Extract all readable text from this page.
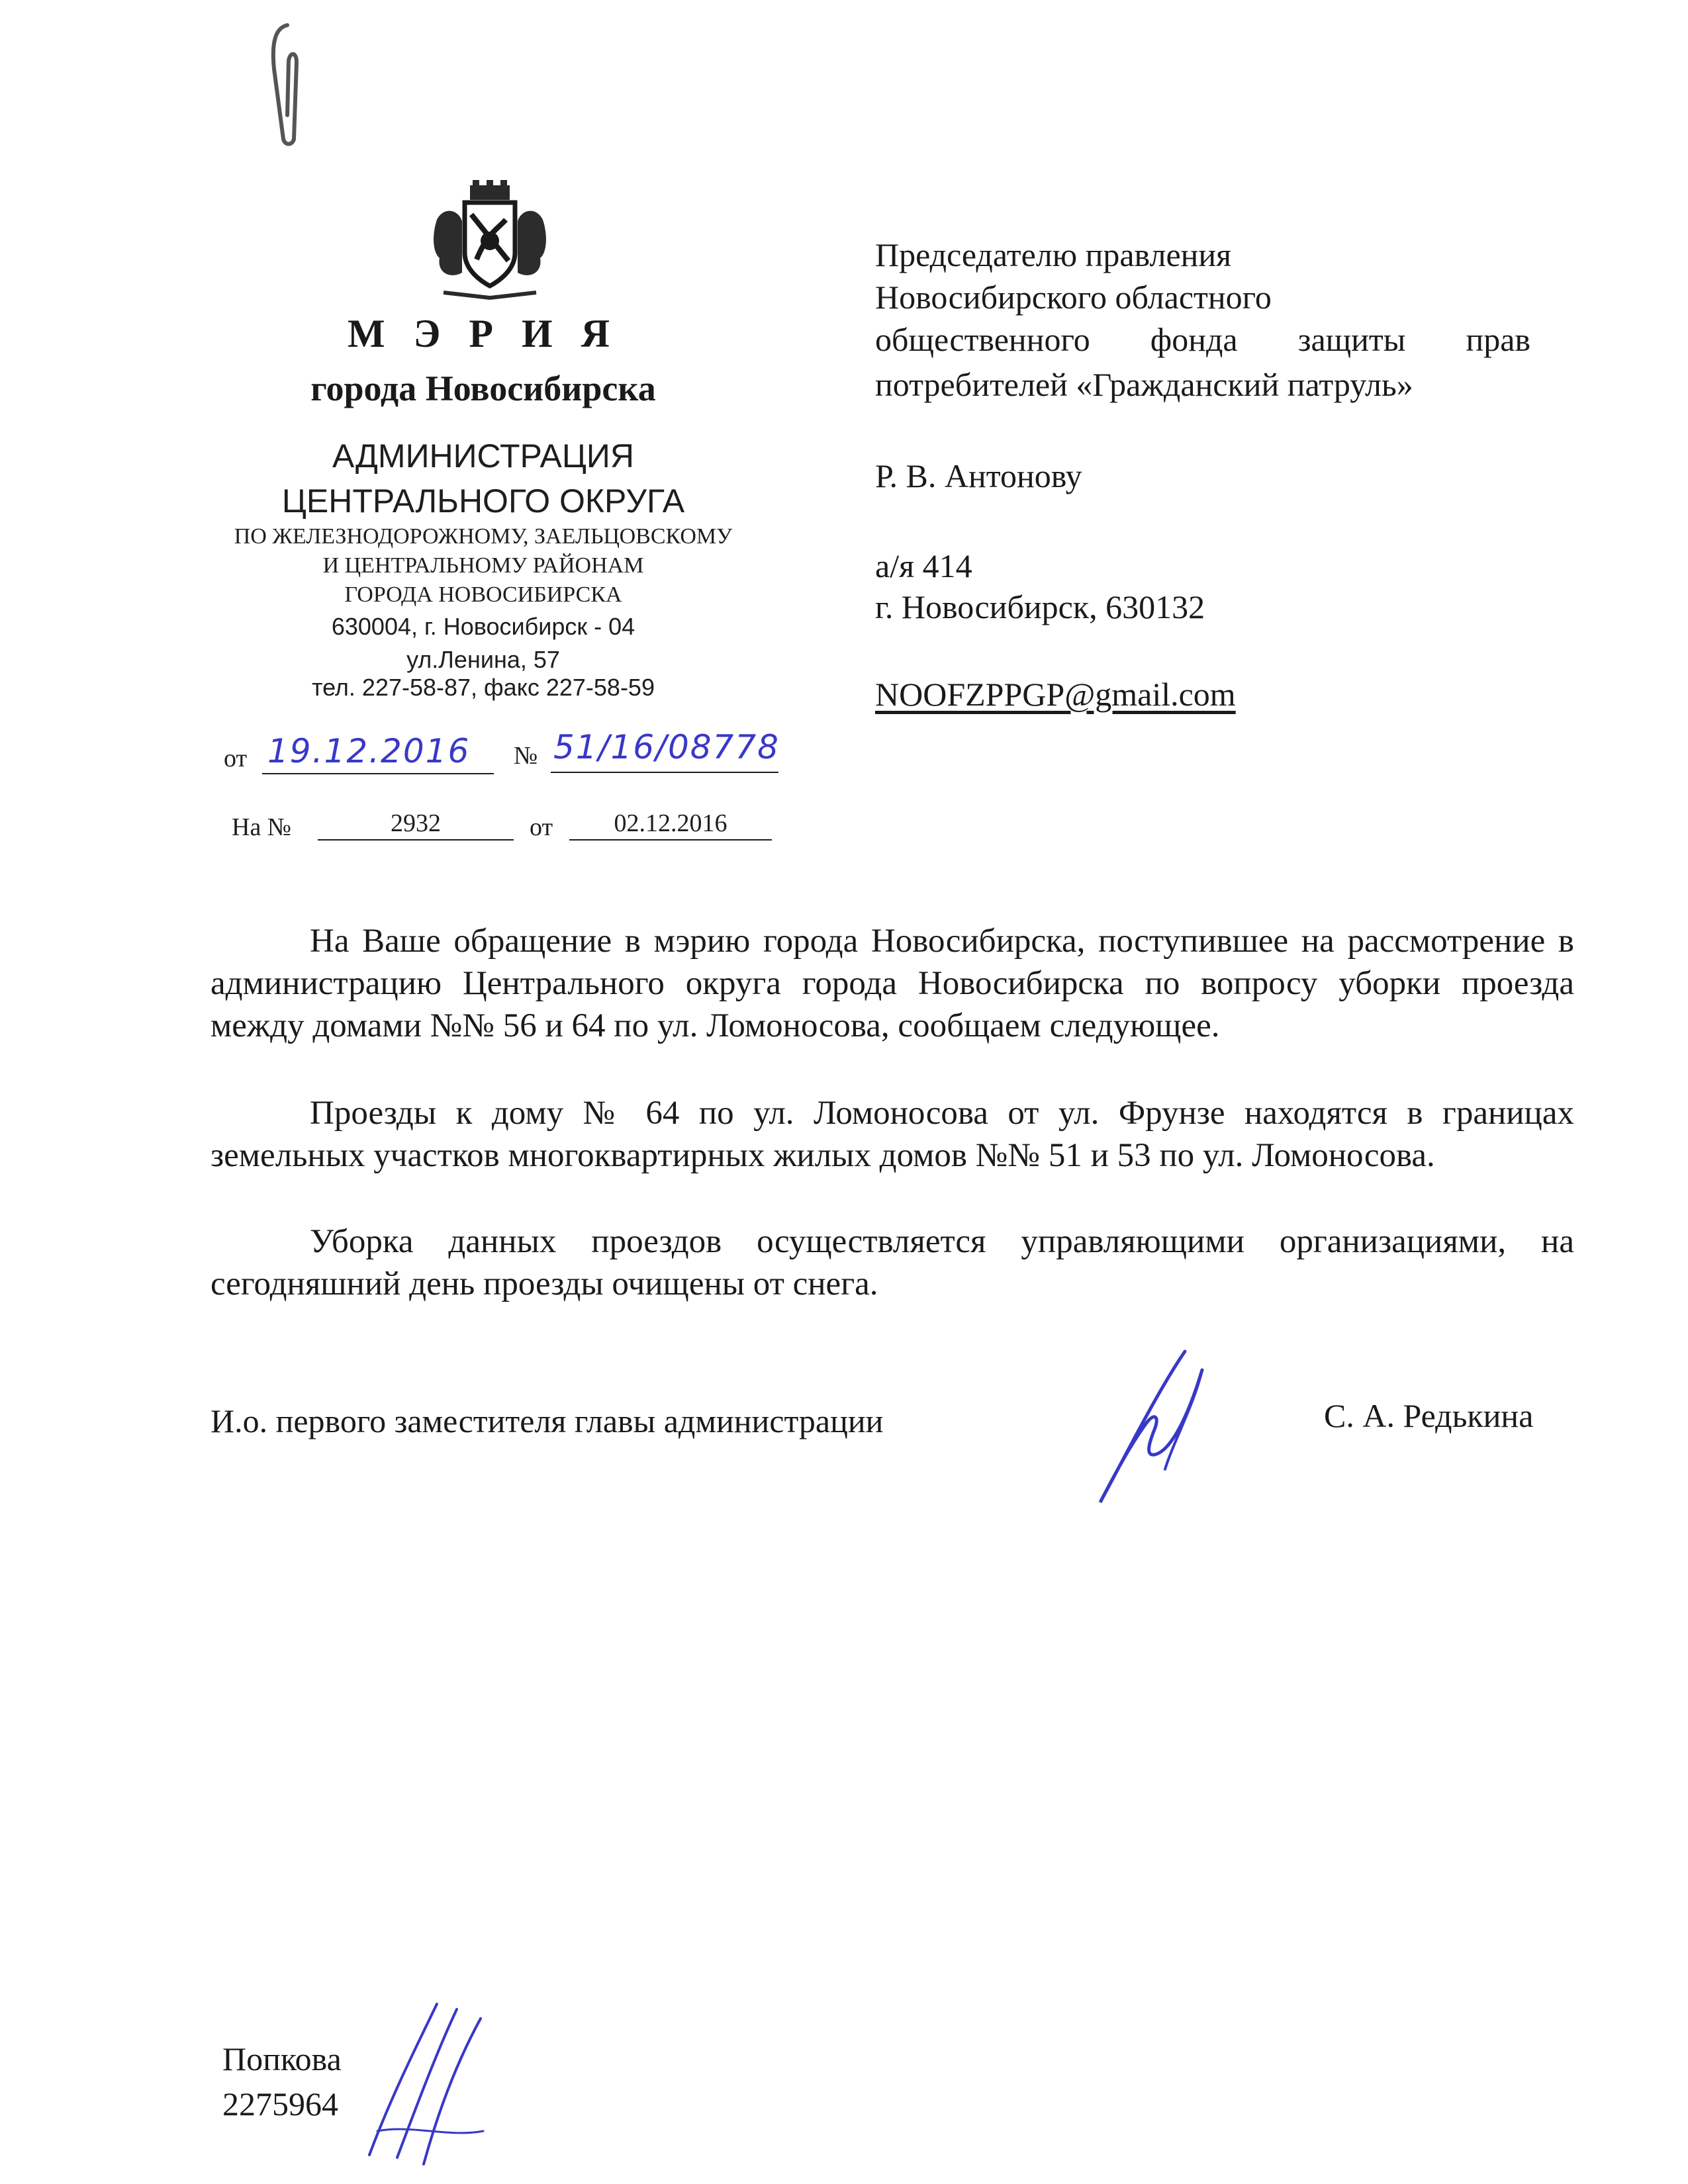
М Э Р И Я
города Новосибирска
АДМИНИСТРАЦИЯ
ЦЕНТРАЛЬНОГО ОКРУГА
ПО ЖЕЛЕЗНОДОРОЖНОМУ, ЗАЕЛЬЦОВСКОМУ
И ЦЕНТРАЛЬНОМУ РАЙОНАМ
ГОРОДА НОВОСИБИРСКА
630004, г. Новосибирск - 04
ул.Ленина, 57
тел. 227-58-87, факс 227-58-59
от 19.12.2016 № 51/16/08778
На №	2932	от	02.12.2016
Председателю правления
Новосибирского областного
общественного фонда защиты прав
потребителей «Гражданский патруль»
Р. В. Антонову
а/я 414
г. Новосибирск, 630132
NOOFZPPGP@gmail.com

На Ваше обращение в мэрию города Новосибирска, поступившее на рассмотрение в администрацию Центрального округа города Новосибирска по вопросу уборки проезда между домами №№ 56 и 64 по ул. Ломоносова, сообщаем следующее.

Проезды к дому № 64 по ул. Ломоносова от ул. Фрунзе находятся в границах земельных участков многоквартирных жилых домов №№ 51 и 53 по ул. Ломоносова.

Уборка данных проездов осуществляется управляющими организациями, на сегодняшний день проезды очищены от снега.

И.о. первого заместителя главы администрации	С. А. Редькина
Попкова
2275964
